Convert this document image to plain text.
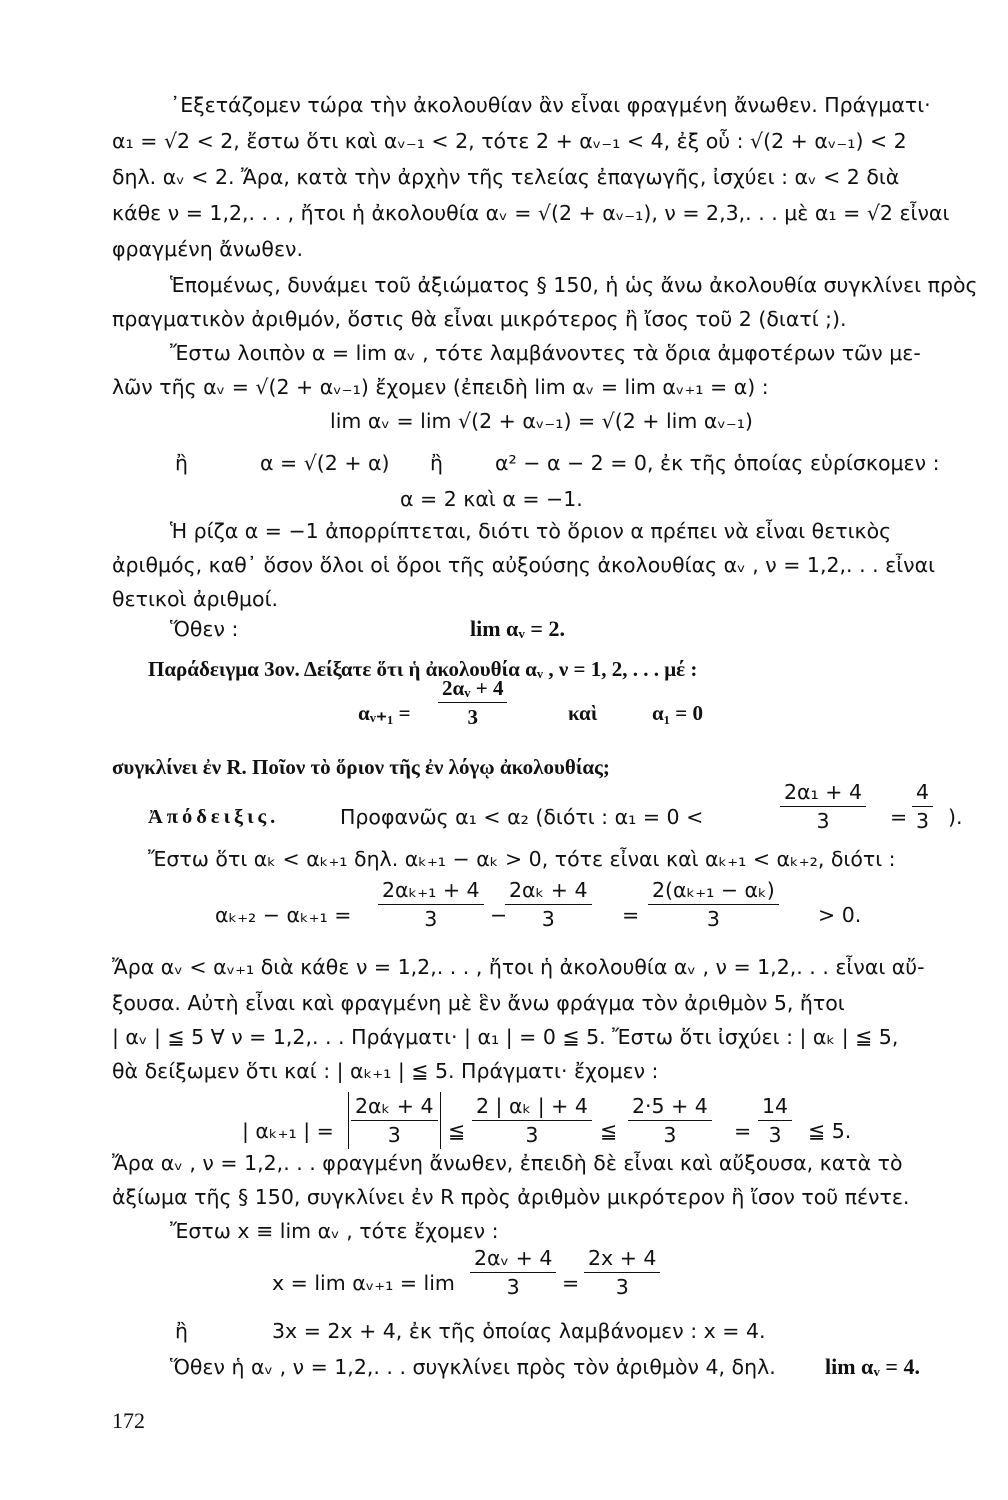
᾿Εξετάζομεν τώρα τὴν ἀκολουθίαν ἂν εἶναι φραγμένη ἄνωθεν. Πράγματι·
α₁ = √2 < 2, ἔστω ὅτι καὶ αᵥ₋₁ < 2, τότε 2 + αᵥ₋₁ < 4, ἐξ οὗ : √(2 + αᵥ₋₁) < 2
δηλ. αᵥ < 2. Ἄρα, κατὰ τὴν ἀρχὴν τῆς τελείας ἐπαγωγῆς, ἰσχύει : αᵥ < 2 διὰ
κάθε ν = 1,2,. . . , ἤτοι ἡ ἀκολουθία αᵥ = √(2 + αᵥ₋₁), ν = 2,3,. . . μὲ α₁ = √2 εἶναι
φραγμένη ἄνωθεν.
Ἑπομένως, δυνάμει τοῦ ἀξιώματος § 150, ἡ ὡς ἄνω ἀκολουθία συγκλίνει πρὸς
πραγματικὸν ἀριθμόν, ὅστις θὰ εἶναι μικρότερος ἢ ἴσος τοῦ 2 (διατί ;).
Ἔστω λοιπὸν α = lim αᵥ , τότε λαμβάνοντες τὰ ὅρια ἀμφοτέρων τῶν με-
λῶν τῆς αᵥ = √(2 + αᵥ₋₁) ἔχομεν (ἐπειδὴ lim αᵥ = lim αᵥ₊₁ = α) :
lim αᵥ = lim √(2 + αᵥ₋₁) = √(2 + lim αᵥ₋₁)
ἢ	α = √(2 + α) ἢ	α² − α − 2 = 0, ἐκ τῆς ὁποίας εὑρίσκομεν :
α = 2 καὶ α = −1.
Ἡ ρίζα α = −1 ἀπορρίπτεται, διότι τὸ ὅριον α πρέπει νὰ εἶναι θετικὸς
ἀριθμός, καθ᾿ ὅσον ὅλοι οἱ ὅροι τῆς αὐξούσης ἀκολουθίας αᵥ , ν = 1,2,. . . εἶναι
θετικοὶ ἀριθμοί.
Ὅθεν :	lim αᵥ = 2.
Παράδειγμα 3ον. Δείξατε ὅτι ἡ ἀκολουθία αᵥ , ν = 1, 2, . . . μέ :
αᵥ₊₁ = $\frac{\text{2αᵥ + 4}}{3}$	καὶ	α₁ = 0
συγκλίνει ἐν R. Ποῖον τὸ ὅριον τῆς ἐν λόγῳ ἀκολουθίας;
Ἀπόδειξις.	Προφανῶς α₁ < α₂ (διότι : α₁ = 0 <	$\frac{\text{2α₁ + 4}}{3} = \frac{4}{3}$ ).
Ἔστω ὅτι αₖ < αₖ₊₁ δηλ. αₖ₊₁ − αₖ > 0, τότε εἶναι καὶ αₖ₊₁ < αₖ₊₂, διότι :
$\alpha_{k+2} - \alpha_{k+1} = \frac{\text{2αₖ₊₁ + 4}}{3}$ −
$\frac{\text{2αₖ + 4}}{3} = \frac{\text{2(αₖ₊₁ − αₖ)}}{3} > 0$.
Ἄρα αᵥ < αᵥ₊₁ διὰ κάθε ν = 1,2,. . . , ἤτοι ἡ ἀκολουθία αᵥ , ν = 1,2,. . . εἶναι αὔ-
ξουσα. Αὐτὴ εἶναι καὶ φραγμένη μὲ ἓν ἄνω φράγμα τὸν ἀριθμὸν 5, ἤτοι
| αᵥ | ≦ 5 ∀ ν = 1,2,. . . Πράγματι· | α₁ | = 0 ≦ 5. Ἔστω ὅτι ἰσχύει : | αₖ | ≦ 5,
θὰ δείξωμεν ὅτι καί : | αₖ₊₁ | ≦ 5. Πράγματι· ἔχομεν :
| αₖ₊₁ | = $\frac{\text{2αₖ + 4}}{3}$ ≦ $\frac{\text{2 | αₖ | + 4}}{3}$ ≦ $\frac{2\cdot 5 + 4}{3} = \frac{14}{3}$ ≦ 5.
Ἄρα αᵥ , ν = 1,2,. . . φραγμένη ἄνωθεν, ἐπειδὴ δὲ εἶναι καὶ αὔξουσα, κατὰ τὸ
ἀξίωμα τῆς § 150, συγκλίνει ἐν R πρὸς ἀριθμὸν μικρότερον ἢ ἴσον τοῦ πέντε.
Ἔστω x ≡ lim αᵥ , τότε ἔχομεν :
x = lim αᵥ₊₁ = $\lim \frac{\text{2αᵥ + 4}}{3} = \frac{2x + 4}{3}$
ἢ	3x = 2x + 4, ἐκ τῆς ὁποίας λαμβάνομεν : x = 4.
Ὅθεν ἡ αᵥ , ν = 1,2,. . . συγκλίνει πρὸς τὸν ἀριθμὸν 4, δηλ. lim αᵥ = 4.
172
